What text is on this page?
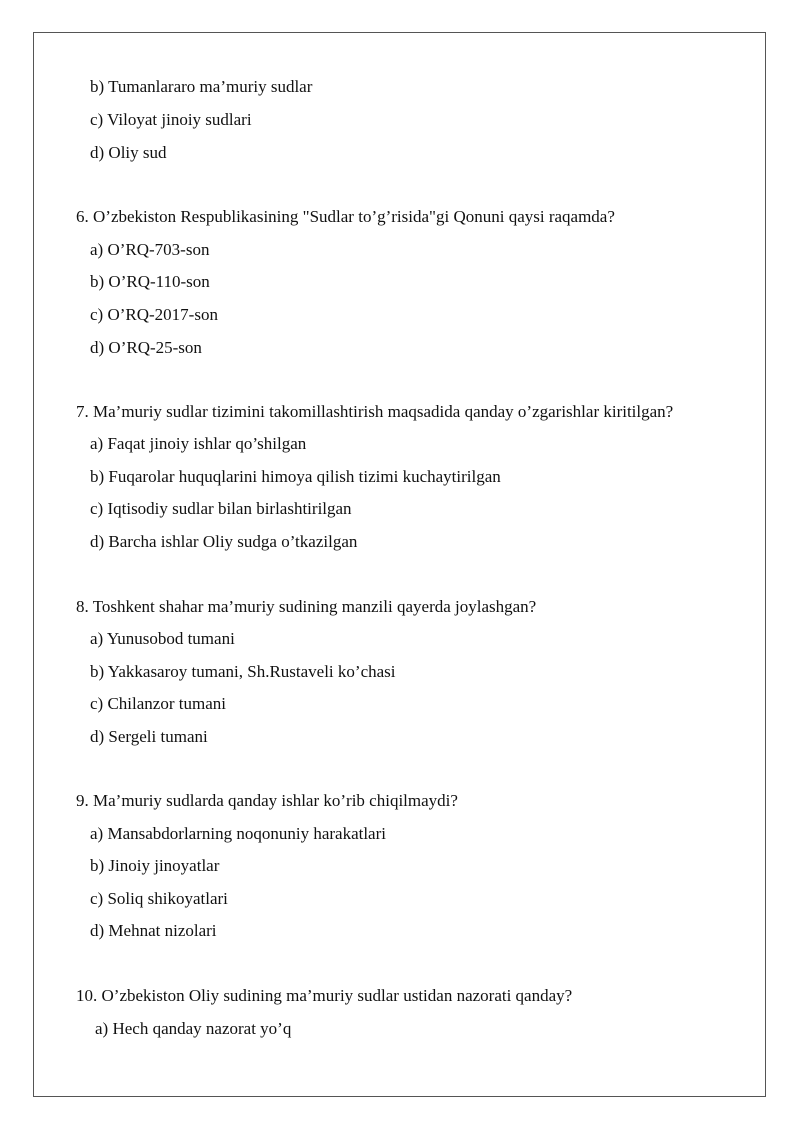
b) Tumanlararo ma’muriy sudlar
c) Viloyat jinoiy sudlari
d) Oliy sud
6. O’zbekiston Respublikasining "Sudlar to’g’risida"gi Qonuni qaysi raqamda?
a) O’RQ-703-son
b) O’RQ-110-son
c) O’RQ-2017-son
d) O’RQ-25-son
7. Ma’muriy sudlar tizimini takomillashtirish maqsadida qanday o’zgarishlar kiritilgan?
a) Faqat jinoiy ishlar qo’shilgan
b) Fuqarolar huquqlarini himoya qilish tizimi kuchaytirilgan
c) Iqtisodiy sudlar bilan birlashtirilgan
d) Barcha ishlar Oliy sudga o’tkazilgan
8. Toshkent shahar ma’muriy sudining manzili qayerda joylashgan?
a) Yunusobod tumani
b) Yakkasaroy tumani, Sh.Rustaveli ko’chasi
c) Chilanzor tumani
d) Sergeli tumani
9. Ma’muriy sudlarda qanday ishlar ko’rib chiqilmaydi?
a) Mansabdorlarning noqonuniy harakatlari
b) Jinoiy jinoyatlar
c) Soliq shikoyatlari
d) Mehnat nizolari
10. O’zbekiston Oliy sudining ma’muriy sudlar ustidan nazorati qanday?
a) Hech qanday nazorat yo’q
